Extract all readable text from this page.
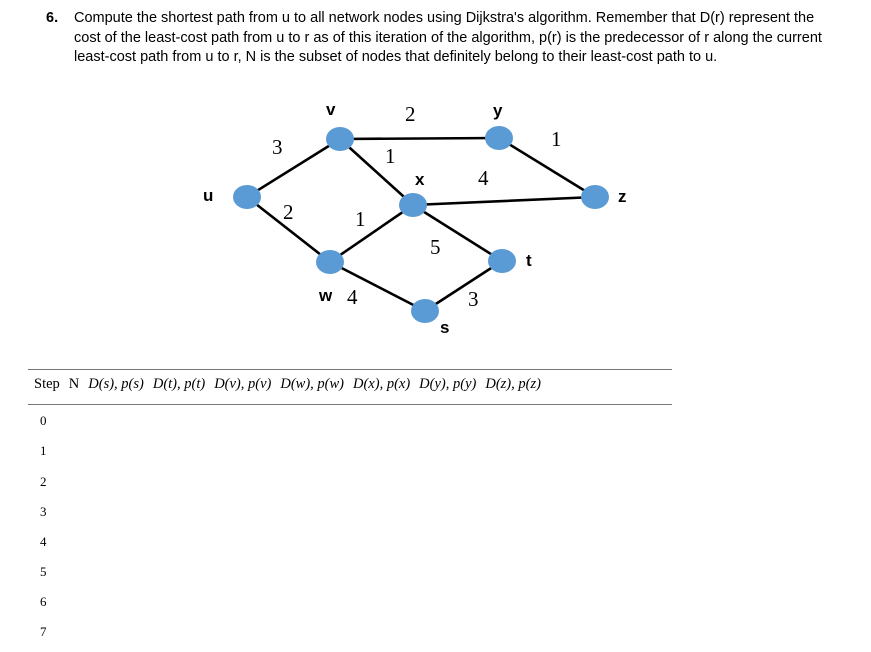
6. Compute the shortest path from u to all network nodes using Dijkstra's algorithm. Remember that D(r) represent the cost of the least-cost path from u to r as of this iteration of the algorithm, p(r) is the predecessor of r along the current least-cost path from u to r, N is the subset of nodes that definitely belong to their least-cost path to u.
3
2
2
1
1
4
4
5
1
3
u
v
w
x
y
z
s
t
Step N D(s), p(s) D(t), p(t) D(v), p(v) D(w), p(w) D(x), p(x) D(y), p(y) D(z), p(z)
0
1
2
3
4
5
6
7
